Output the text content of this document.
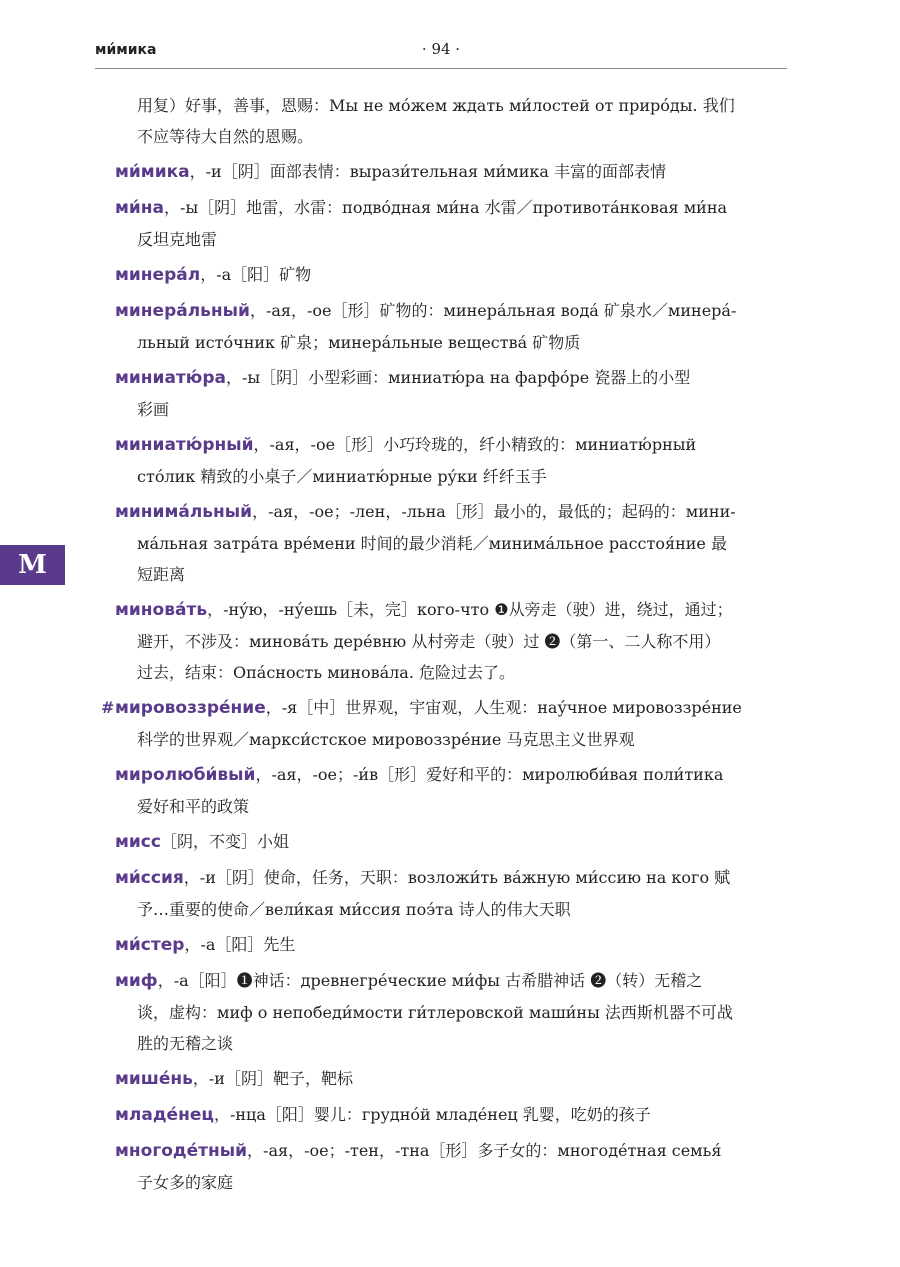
ми́мика	· 94 ·
M
用复）好事，善事，恩赐：Мы не мо́жем ждать ми́лостей от приро́ды. 我们
不应等待大自然的恩赐。
ми́мика，-и［阴］面部表情：вырази́тельная ми́мика 丰富的面部表情
ми́на，-ы［阴］地雷，水雷：подво́дная ми́на 水雷／противота́нковая ми́на
反坦克地雷
минера́л，-а［阳］矿物
минера́льный，-ая，-ое［形］矿物的：минера́льная вода́ 矿泉水／минера́-
льный исто́чник 矿泉；минера́льные вещества́ 矿物质
миниатю́ра，-ы［阴］小型彩画：миниатю́ра на фарфо́ре 瓷器上的小型
彩画
миниатю́рный，-ая，-ое［形］小巧玲珑的，纤小精致的：миниатю́рный
сто́лик 精致的小桌子／миниатю́рные ру́ки 纤纤玉手
минима́льный，-ая，-ое；-лен，-льна［形］最小的，最低的；起码的：мини-
ма́льная затра́та вре́мени 时间的最少消耗／минима́льное расстоя́ние 最
短距离
минова́ть，-ну́ю，-ну́ешь［未，完］кого-что ❶从旁走（驶）进，绕过，通过；
避开，不涉及：минова́ть дере́вню 从村旁走（驶）过 ❷（第一、二人称不用）
过去，结束：Опа́сность минова́ла. 危险过去了。
# мировоззре́ние，-я［中］世界观，宇宙观，人生观：нау́чное мировоззре́ние
科学的世界观／маркси́стское мировоззре́ние 马克思主义世界观
миролюби́вый，-ая，-ое；-и́в［形］爱好和平的：миролюби́вая поли́тика
爱好和平的政策
мисс［阴，不变］小姐
ми́ссия，-и［阴］使命，任务，天职：возложи́ть ва́жную ми́ссию на кого 赋
予…重要的使命／вели́кая ми́ссия поэ́та 诗人的伟大天职
ми́стер，-а［阳］先生
миф，-а［阳］❶神话：древнегре́ческие ми́фы 古希腊神话 ❷（转）无稽之
谈，虚构：миф о непобеди́мости ги́тлеровской маши́ны 法西斯机器不可战
胜的无稽之谈
мише́нь，-и［阴］靶子，靶标
младе́нец，-нца［阳］婴儿：грудно́й младе́нец 乳婴，吃奶的孩子
многоде́тный，-ая，-ое；-тен，-тна［形］多子女的：многоде́тная семья́
子女多的家庭
